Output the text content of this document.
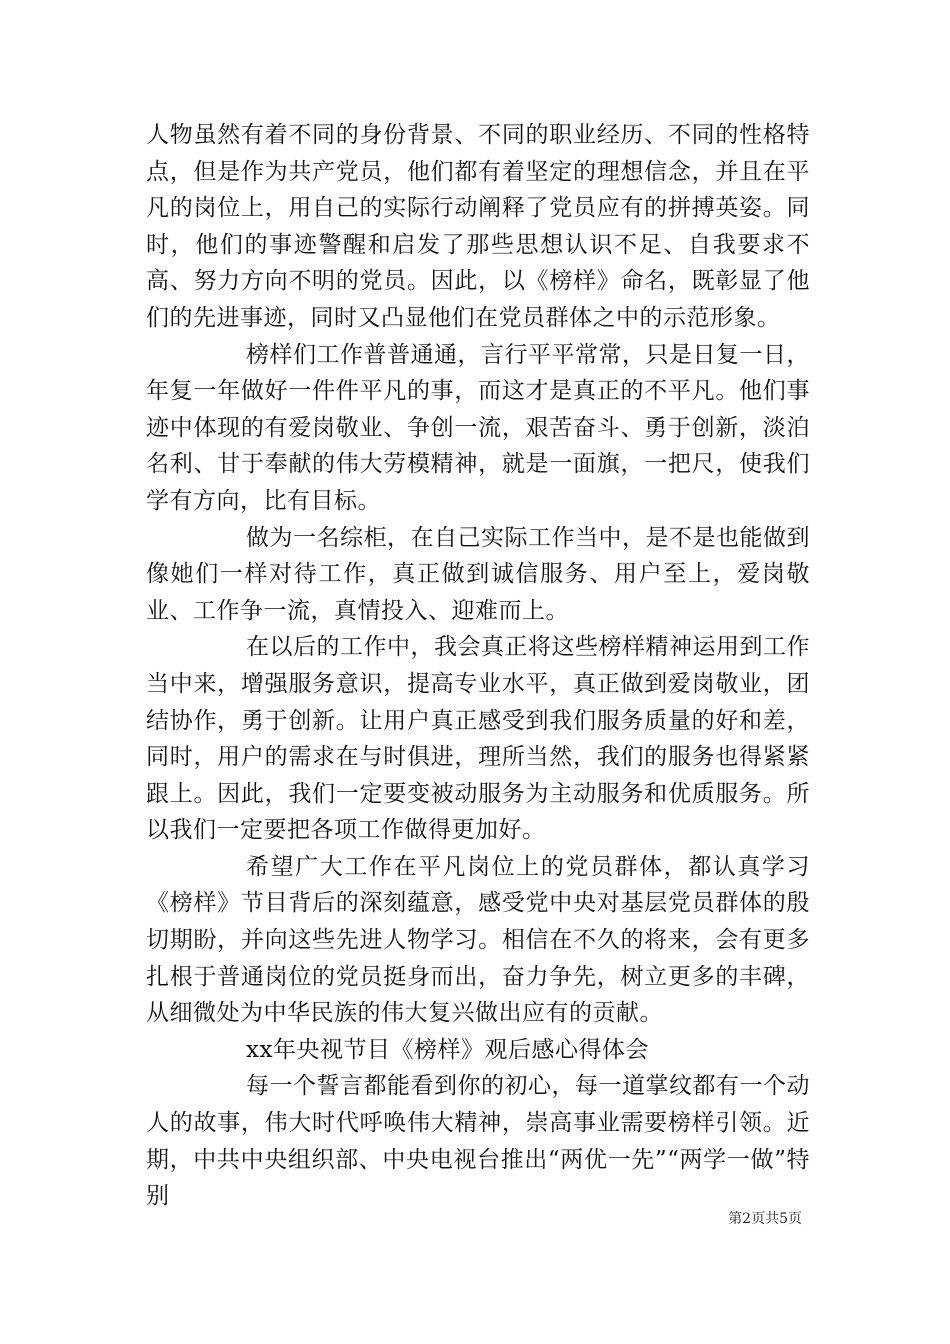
人物虽然有着不同的身份背景、不同的职业经历、不同的性格特点，但是作为共产党员，他们都有着坚定的理想信念，并且在平凡的岗位上，用自己的实际行动阐释了党员应有的拼搏英姿。同时，他们的事迹警醒和启发了那些思想认识不足、自我要求不高、努力方向不明的党员。因此，以《榜样》命名，既彰显了他们的先进事迹，同时又凸显他们在党员群体之中的示范形象。

榜样们工作普普通通，言行平平常常，只是日复一日，年复一年做好一件件平凡的事，而这才是真正的不平凡。他们事迹中体现的有爱岗敬业、争创一流，艰苦奋斗、勇于创新，淡泊名利、甘于奉献的伟大劳模精神，就是一面旗，一把尺，使我们学有方向，比有目标。

做为一名综柜，在自己实际工作当中，是不是也能做到像她们一样对待工作，真正做到诚信服务、用户至上，爱岗敬业、工作争一流，真情投入、迎难而上。

在以后的工作中，我会真正将这些榜样精神运用到工作当中来，增强服务意识，提高专业水平，真正做到爱岗敬业，团结协作，勇于创新。让用户真正感受到我们服务质量的好和差，同时，用户的需求在与时俱进，理所当然，我们的服务也得紧紧跟上。因此，我们一定要变被动服务为主动服务和优质服务。所以我们一定要把各项工作做得更加好。

希望广大工作在平凡岗位上的党员群体，都认真学习《榜样》节目背后的深刻蕴意，感受党中央对基层党员群体的殷切期盼，并向这些先进人物学习。相信在不久的将来，会有更多扎根于普通岗位的党员挺身而出，奋力争先，树立更多的丰碑，从细微处为中华民族的伟大复兴做出应有的贡献。

xx年央视节目《榜样》观后感心得体会

每一个誓言都能看到你的初心，每一道掌纹都有一个动人的故事，伟大时代呼唤伟大精神，崇高事业需要榜样引领。近期，中共中央组织部、中央电视台推出“两优一先”“两学一做”特别

第2页共5页
